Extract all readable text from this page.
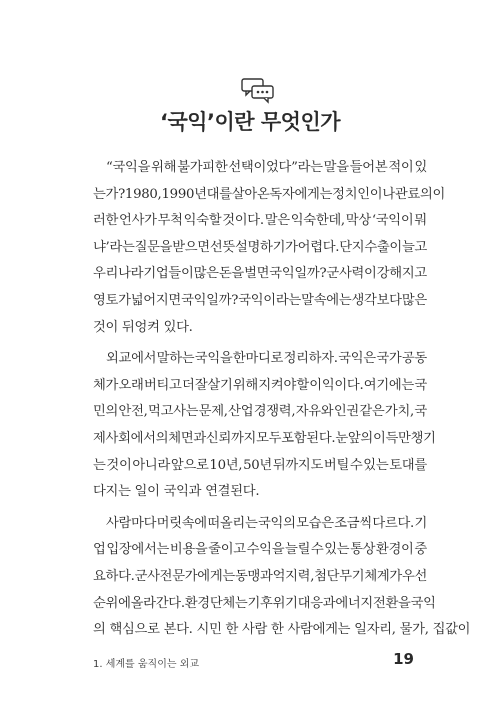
‘국익’이란 무엇인가
“국익을 위해 불가피한 선택이었다”라는 말을 들어본 적이 있
는가? 1980, 1990년대를 살아온 독자에게는 정치인이나 관료의 이
러한 언사가 무척 익숙할 것이다. 말은 익숙한데, 막상 ‘국익이 뭐
냐’라는 질문을 받으면 선뜻 설명하기가 어렵다. 단지 수출이 늘고
우리나라 기업들이 많은 돈을 벌면 국익일까? 군사력이 강해지고
영토가 넓어지면 국익일까? 국익이라는 말 속에는 생각보다 많은
것이 뒤엉켜 있다.
외교에서 말하는 국익을 한마디로 정리하자. 국익은 국가 공동
체가 오래 버티고 더 잘살기 위해 지켜야 할 이익이다. 여기에는 국
민의 안전, 먹고사는 문제, 산업 경쟁력, 자유와 인권 같은 가치, 국
제사회에서의 체면과 신뢰까지 모두 포함된다. 눈앞의 이득만 챙기
는 것이 아니라 앞으로 10년, 50년 뒤까지도 버틸 수 있는 토대를
다지는 일이 국익과 연결된다.
사람마다 머릿속에 떠올리는 국익의 모습은 조금씩 다르다. 기
업 입장에서는 비용을 줄이고 수익을 늘릴 수 있는 통상 환경이 중
요하다. 군사 전문가에게는 동맹과 억지력, 첨단 무기 체계가 우선
순위에 올라간다. 환경단체는 기후 위기 대응과 에너지 전환을 국익
의 핵심으로 본다. 시민 한 사람 한 사람에게는 일자리, 물가, 집값이
1. 세계를 움직이는 외교	19
